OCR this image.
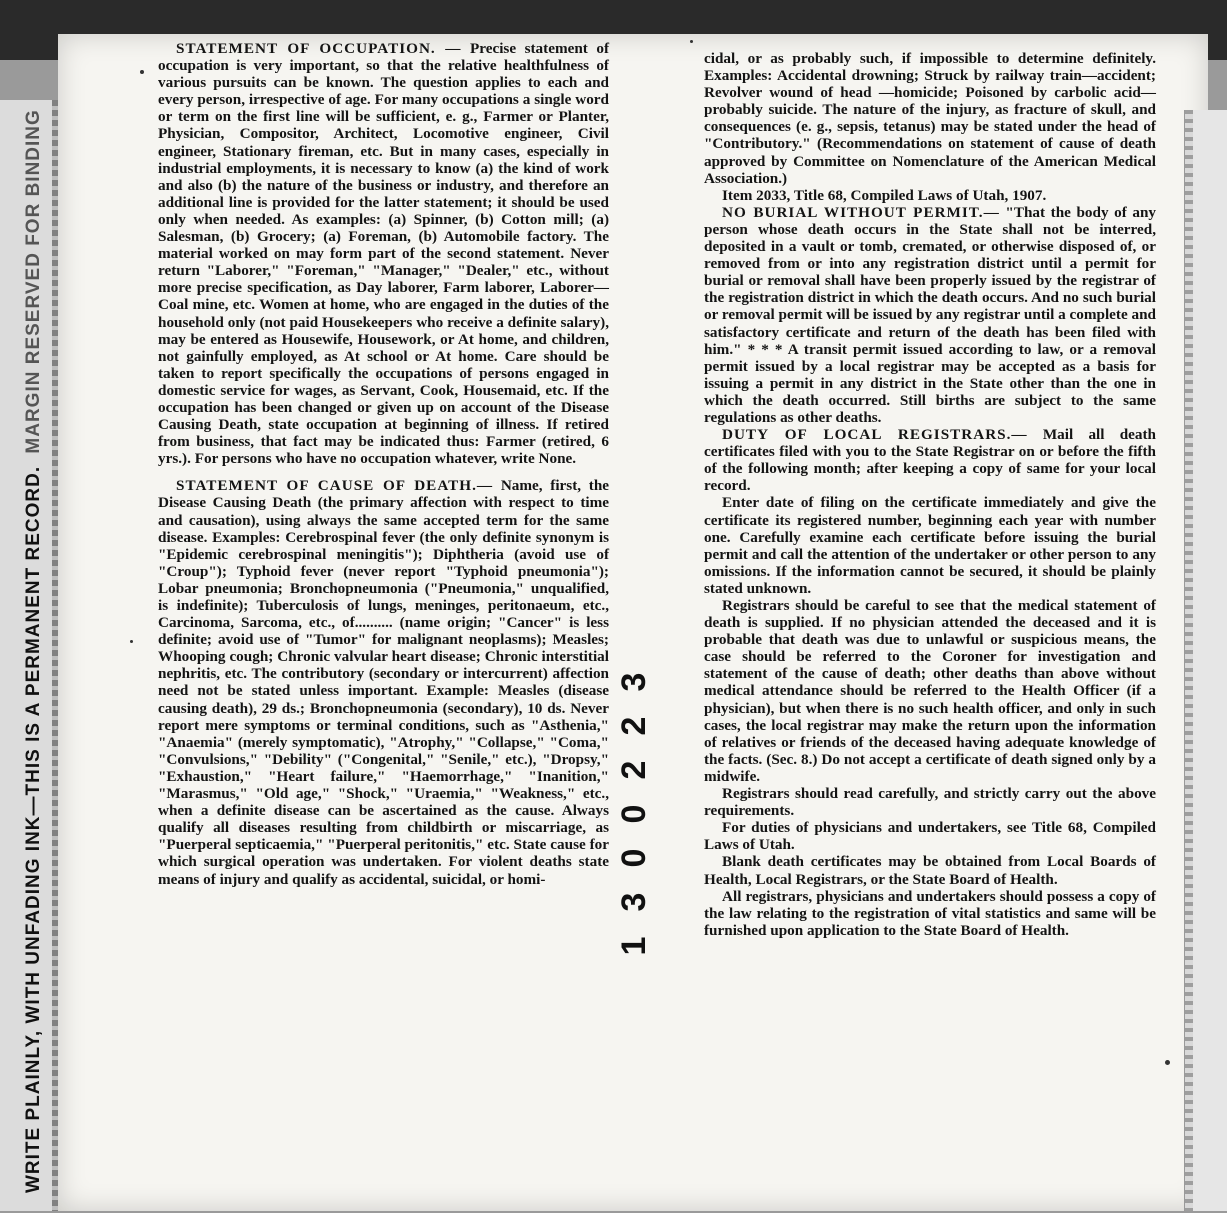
WRITE PLAINLY, WITH UNFADING INK—THIS IS A PERMANENT RECORD. MARGIN RESERVED FOR BINDING

STATEMENT OF OCCUPATION. — Precise statement of occupation is very important, so that the relative healthfulness of various pursuits can be known. The question applies to each and every person, irrespective of age. For many occupations a single word or term on the first line will be sufficient, e. g., Farmer or Planter, Physician, Compositor, Architect, Locomotive engineer, Civil engineer, Stationary fireman, etc. But in many cases, especially in industrial employments, it is necessary to know (a) the kind of work and also (b) the nature of the business or industry, and therefore an additional line is provided for the latter statement; it should be used only when needed. As examples: (a) Spinner, (b) Cotton mill; (a) Salesman, (b) Grocery; (a) Foreman, (b) Automobile factory. The material worked on may form part of the second statement. Never return "Laborer," "Foreman," "Manager," "Dealer," etc., without more precise specification, as Day laborer, Farm laborer, Laborer—Coal mine, etc. Women at home, who are engaged in the duties of the household only (not paid Housekeepers who receive a definite salary), may be entered as Housewife, Housework, or At home, and children, not gainfully employed, as At school or At home. Care should be taken to report specifically the occupations of persons engaged in domestic service for wages, as Servant, Cook, Housemaid, etc. If the occupation has been changed or given up on account of the Disease Causing Death, state occupation at beginning of illness. If retired from business, that fact may be indicated thus: Farmer (retired, 6 yrs.). For persons who have no occupation whatever, write None.

STATEMENT OF CAUSE OF DEATH.— Name, first, the Disease Causing Death (the primary affection with respect to time and causation), using always the same accepted term for the same disease. Examples: Cerebrospinal fever (the only definite synonym is "Epidemic cerebrospinal meningitis"); Diphtheria (avoid use of "Croup"); Typhoid fever (never report "Typhoid pneumonia"); Lobar pneumonia; Bronchopneumonia ("Pneumonia," unqualified, is indefinite); Tuberculosis of lungs, meninges, peritonaeum, etc., Carcinoma, Sarcoma, etc., of.......... (name origin; "Cancer" is less definite; avoid use of "Tumor" for malignant neoplasms); Measles; Whooping cough; Chronic valvular heart disease; Chronic interstitial nephritis, etc. The contributory (secondary or intercurrent) affection need not be stated unless important. Example: Measles (disease causing death), 29 ds.; Bronchopneumonia (secondary), 10 ds. Never report mere symptoms or terminal conditions, such as "Asthenia," "Anaemia" (merely symptomatic), "Atrophy," "Collapse," "Coma," "Convulsions," "Debility" ("Congenital," "Senile," etc.), "Dropsy," "Exhaustion," "Heart failure," "Haemorrhage," "Inanition," "Marasmus," "Old age," "Shock," "Uraemia," "Weakness," etc., when a definite disease can be ascertained as the cause. Always qualify all diseases resulting from childbirth or miscarriage, as "Puerperal septicaemia," "Puerperal peritonitis," etc. State cause for which surgical operation was undertaken. For violent deaths state means of injury and qualify as accidental, suicidal, or homi-

3
2
2
0
0
3
1

cidal, or as probably such, if impossible to determine definitely. Examples: Accidental drowning; Struck by railway train—accident; Revolver wound of head —homicide; Poisoned by carbolic acid—probably suicide. The nature of the injury, as fracture of skull, and consequences (e. g., sepsis, tetanus) may be stated under the head of "Contributory." (Recommendations on statement of cause of death approved by Committee on Nomenclature of the American Medical Association.)

Item 2033, Title 68, Compiled Laws of Utah, 1907.

NO BURIAL WITHOUT PERMIT.— "That the body of any person whose death occurs in the State shall not be interred, deposited in a vault or tomb, cremated, or otherwise disposed of, or removed from or into any registration district until a permit for burial or removal shall have been properly issued by the registrar of the registration district in which the death occurs. And no such burial or removal permit will be issued by any registrar until a complete and satisfactory certificate and return of the death has been filed with him." * * * A transit permit issued according to law, or a removal permit issued by a local registrar may be accepted as a basis for issuing a permit in any district in the State other than the one in which the death occurred. Still births are subject to the same regulations as other deaths.

DUTY OF LOCAL REGISTRARS.— Mail all death certificates filed with you to the State Registrar on or before the fifth of the following month; after keeping a copy of same for your local record.

Enter date of filing on the certificate immediately and give the certificate its registered number, beginning each year with number one. Carefully examine each certificate before issuing the burial permit and call the attention of the undertaker or other person to any omissions. If the information cannot be secured, it should be plainly stated unknown.

Registrars should be careful to see that the medical statement of death is supplied. If no physician attended the deceased and it is probable that death was due to unlawful or suspicious means, the case should be referred to the Coroner for investigation and statement of the cause of death; other deaths than above without medical attendance should be referred to the Health Officer (if a physician), but when there is no such health officer, and only in such cases, the local registrar may make the return upon the information of relatives or friends of the deceased having adequate knowledge of the facts. (Sec. 8.) Do not accept a certificate of death signed only by a midwife.

Registrars should read carefully, and strictly carry out the above requirements.

For duties of physicians and undertakers, see Title 68, Compiled Laws of Utah.

Blank death certificates may be obtained from Local Boards of Health, Local Registrars, or the State Board of Health.

All registrars, physicians and undertakers should possess a copy of the law relating to the registration of vital statistics and same will be furnished upon application to the State Board of Health.
